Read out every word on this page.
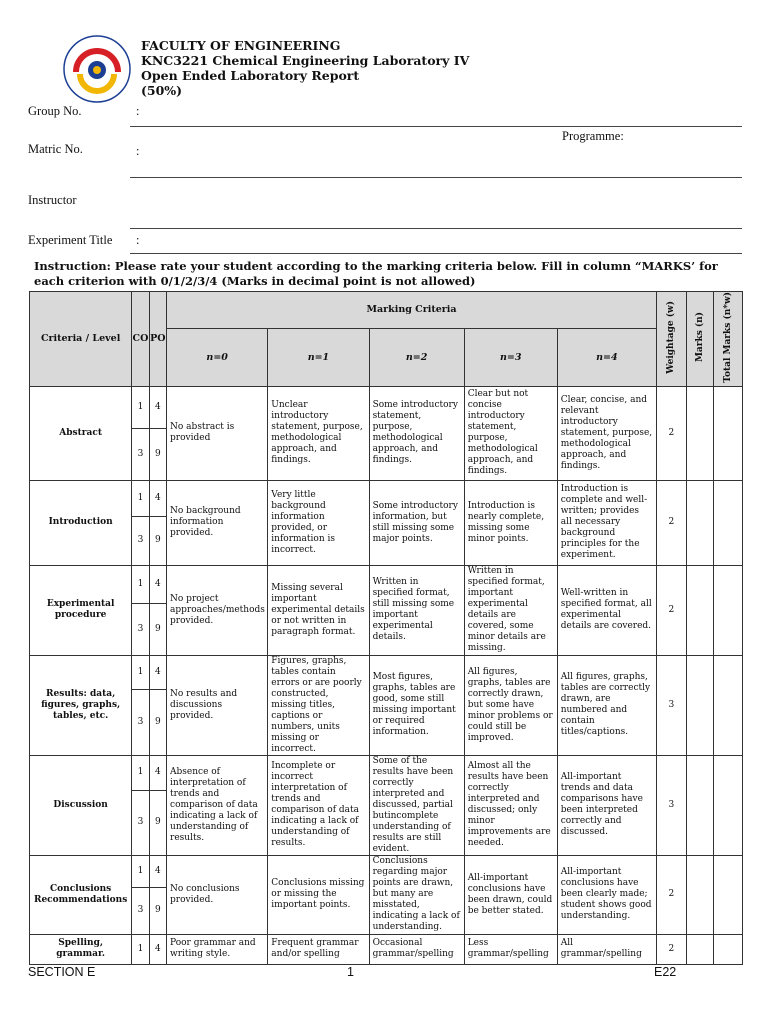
FACULTY OF ENGINEERING
KNC3221 Chemical Engineering Laboratory IV
Open Ended Laboratory Report
(50%)
Group No.	:
Programme:
Matric No.	:
Instructor
Experiment Title :
Instruction: Please rate your student according to the marking criteria below. Fill in column “MARKS’ for each criterion with 0/1/2/3/4 (Marks in decimal point is not allowed)
Criteria / Level	CO	PO	Marking Criteria					Weightage (w)	Marks (n)	Total Marks (n*w)
			n=0	n=1	n=2	n=3	n=4			
Abstract	1	4	No abstract is provided	Unclear introductory statement, purpose, methodological approach, and findings.	Some introductory statement, purpose, methodological approach, and findings.	Clear but not concise introductory statement, purpose, methodological approach, and findings.	Clear, concise, and relevant introductory statement, purpose, methodological approach, and findings.	2		
	3	9								
Introduction	1	4	No background information provided.	Very little background information provided, or information is incorrect.	Some introductory information, but still missing some major points.	Introduction is nearly complete, missing some minor points.	Introduction is complete and well-written; provides all necessary background principles for the experiment.	2		
	3	9								
Experimental procedure	1	4	No project approaches/methods provided.	Missing several important experimental details or not written in paragraph format.	Written in specified format, still missing some important experimental details.	Written in specified format, important experimental details are covered, some minor details are missing.	Well-written in specified format, all experimental details are covered.	2		
	3	9								
Results: data, figures, graphs, tables, etc.	1	4	No results and discussions provided.	Figures, graphs, tables contain errors or are poorly constructed, missing titles, captions or numbers, units missing or incorrect.	Most figures, graphs, tables are good, some still missing important or required information.	All figures, graphs, tables are correctly drawn, but some have minor problems or could still be improved.	All figures, graphs, tables are correctly drawn, are numbered and contain titles/captions.	3		
	3	9								
Discussion	1	4	Absence of interpretation of trends and comparison of data indicating a lack of understanding of results.	Incomplete or incorrect interpretation of trends and comparison of data indicating a lack of understanding of results.	Some of the results have been correctly interpreted and discussed, partial butincomplete understanding of results are still evident.	Almost all the results have been correctly interpreted and discussed; only minor improvements are needed.	All-important trends and data comparisons have been interpreted correctly and discussed.	3		
	3	9								
Conclusions Recommendations	1	4	No conclusions provided.	Conclusions missing or missing the important points.	Conclusions regarding major points are drawn, but many are misstated, indicating a lack of understanding.	All-important conclusions have been drawn, could be better stated.	All-important conclusions have been clearly made; student shows good understanding.	2		
	3	9								
Spelling, grammar.	1	4	Poor grammar and writing style.	Frequent grammar and/or spelling	Occasional grammar/spelling	Less grammar/spelling	All grammar/spelling	2		
SECTION E	1	E22
